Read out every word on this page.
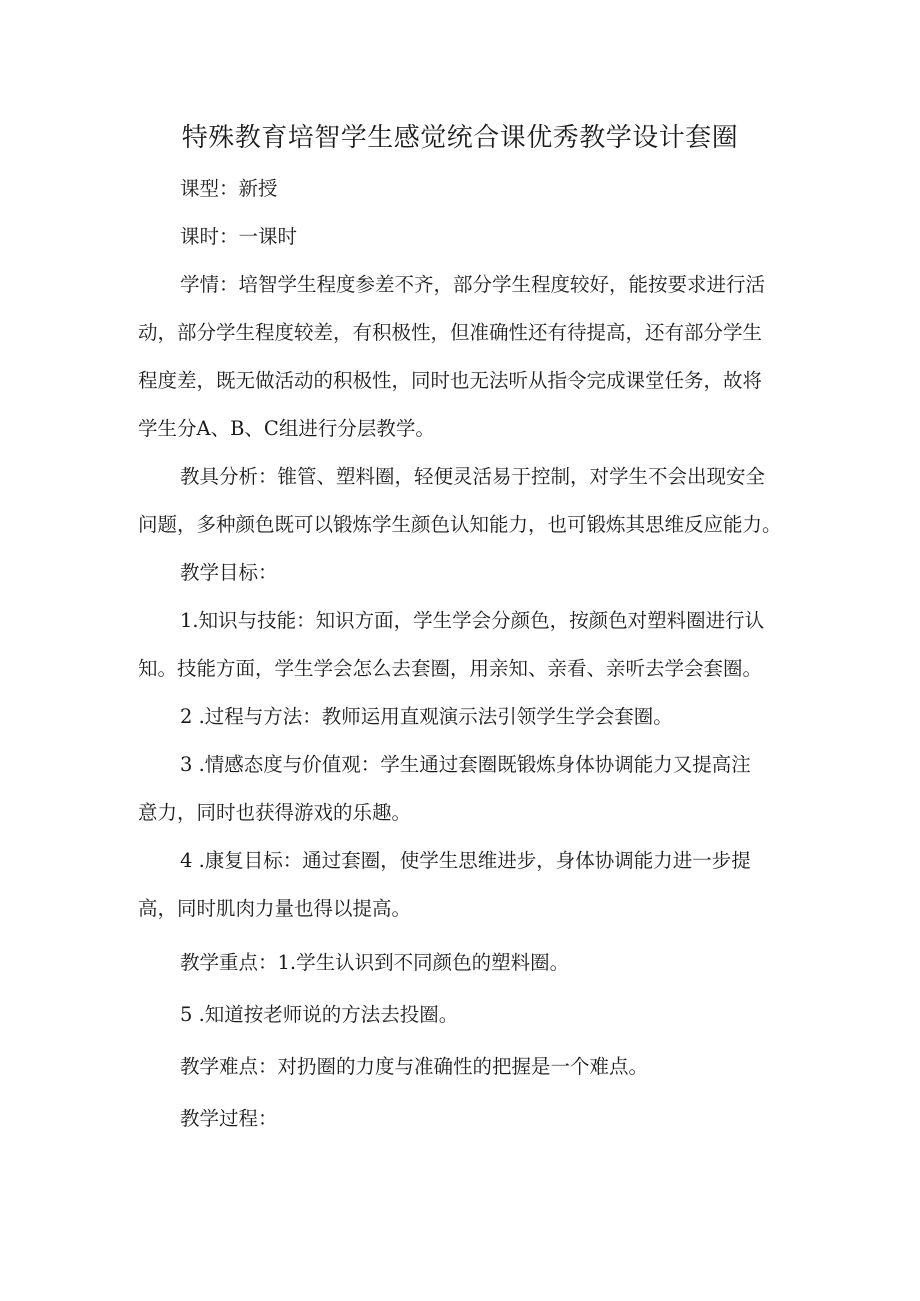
特殊教育培智学生感觉统合课优秀教学设计套圈

课型：新授

课时：一课时

学情：培智学生程度参差不齐，部分学生程度较好，能按要求进行活

动，部分学生程度较差，有积极性，但准确性还有待提高，还有部分学生

程度差，既无做活动的积极性，同时也无法听从指令完成课堂任务，故将

学生分A、B、C组进行分层教学。

教具分析：锥管、塑料圈，轻便灵活易于控制，对学生不会出现安全

问题，多种颜色既可以锻炼学生颜色认知能力，也可锻炼其思维反应能力。

教学目标：

1.知识与技能：知识方面，学生学会分颜色，按颜色对塑料圈进行认

知。技能方面，学生学会怎么去套圈，用亲知、亲看、亲听去学会套圈。

2 .过程与方法：教师运用直观演示法引领学生学会套圈。

3 .情感态度与价值观：学生通过套圈既锻炼身体协调能力又提高注

意力，同时也获得游戏的乐趣。

4 .康复目标：通过套圈，使学生思维进步，身体协调能力进一步提

高，同时肌肉力量也得以提高。

教学重点：1.学生认识到不同颜色的塑料圈。

5 .知道按老师说的方法去投圈。

教学难点：对扔圈的力度与准确性的把握是一个难点。

教学过程：
